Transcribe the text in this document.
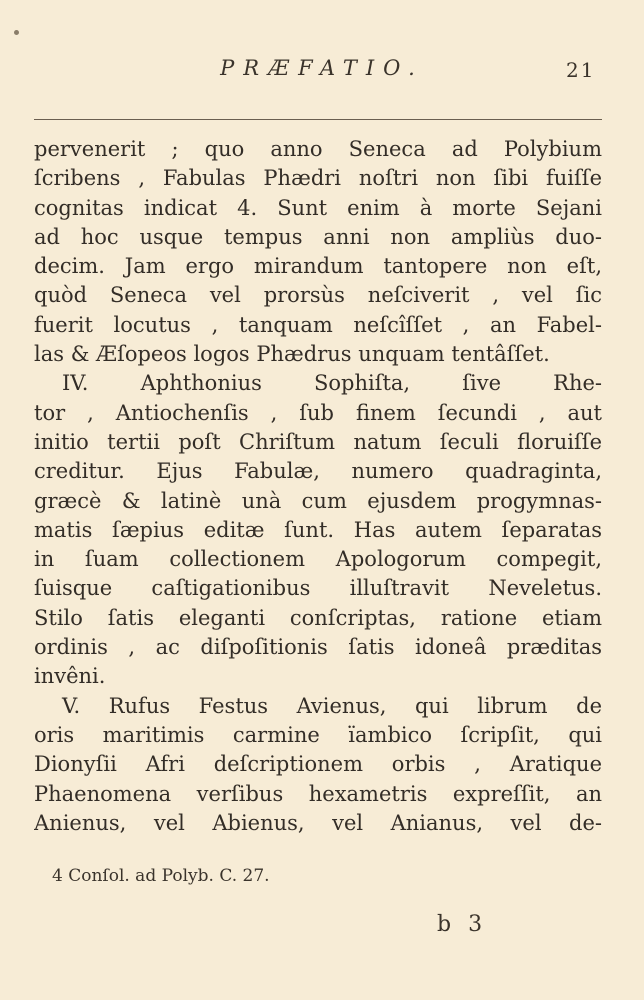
PRÆFATIO.	21
pervenerit ; quo anno Seneca ad Polybium
ſcribens , Fabulas Phædri noſtri non ſibi fuiſſe
cognitas indicat 4. Sunt enim à morte Sejani
ad hoc usque tempus anni non ampliùs duo-
decim. Jam ergo mirandum tantopere non eſt,
quòd Seneca vel prorsùs neſciverit , vel ſic
fuerit locutus , tanquam neſcîſſet , an Fabel-
las & Æſopeos logos Phædrus unquam tentâſſet.
IV. Aphthonius Sophiſta, ſive Rhe-
tor , Antiochenſis , ſub finem ſecundi , aut
initio tertii poſt Chriſtum natum ſeculi floruiſſe
creditur. Ejus Fabulæ, numero quadraginta,
græcè & latinè unà cum ejusdem progymnas-
matis ſæpius editæ ſunt. Has autem ſeparatas
in ſuam collectionem Apologorum compegit,
ſuisque caſtigationibus illuſtravit Neveletus.
Stilo ſatis eleganti conſcriptas, ratione etiam
ordinis , ac diſpoſitionis ſatis idoneâ præditas
invêni.
V. Rufus Festus Avienus, qui librum de
oris maritimis carmine ïambico ſcripſit, qui
Dionyſii Afri deſcriptionem orbis , Aratique
Phaenomena verſibus hexametris expreſſit, an
Anienus, vel Abienus, vel Anianus, vel de-
4 Conſol. ad Polyb. C. 27.
b 3
